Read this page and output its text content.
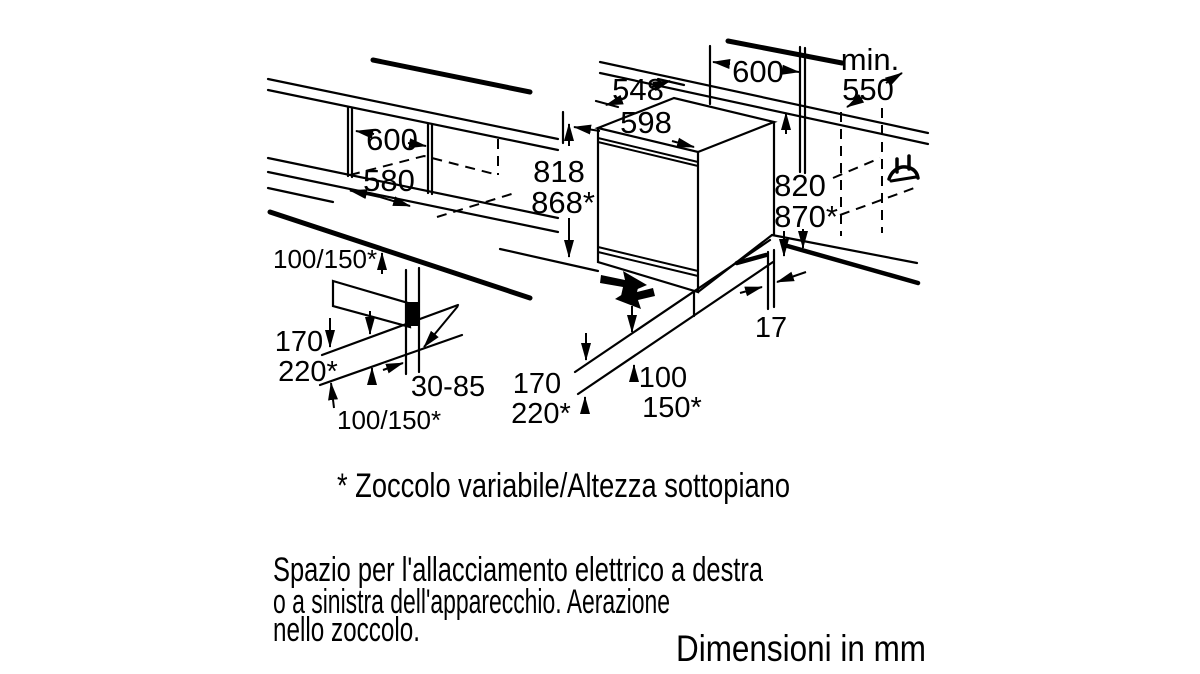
600
580
100/150*
170
220*	30-85
100/150*
548
598
600 min.
550
818
868*	820
870*
17
170
220*
100
150*
* Zoccolo variabile/Altezza sottopiano
Spazio per l'allacciamento elettrico a destra
o a sinistra dell'apparecchio. Aerazione
nello zoccolo.	Dimensioni in mm
